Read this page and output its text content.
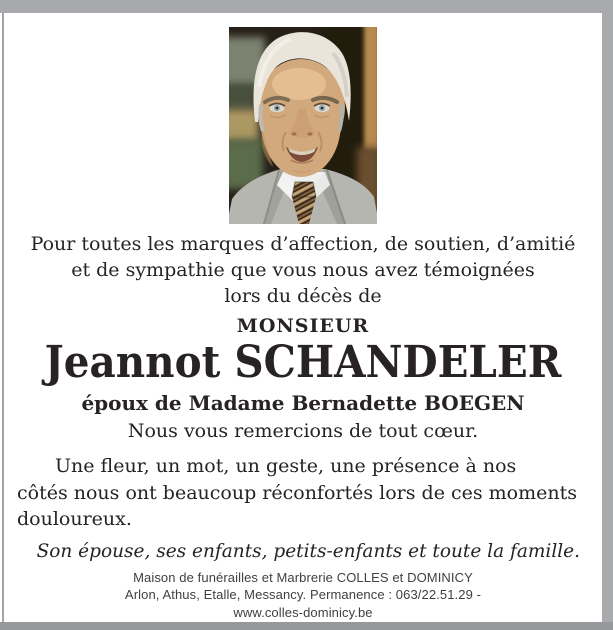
Pour toutes les marques d’affection, de soutien, d’amitié
et de sympathie que vous nous avez témoignées
lors du décès de
MONSIEUR
Jeannot SCHANDELER
époux de Madame Bernadette BOEGEN
Nous vous remercions de tout cœur.
Une fleur, un mot, un geste, une présence à nos
côtés nous ont beaucoup réconfortés lors de ces moments
douloureux.
Son épouse, ses enfants, petits-enfants et toute la famille.
Maison de funérailles et Marbrerie COLLES et DOMINICY
Arlon, Athus, Etalle, Messancy. Permanence : 063/22.51.29 -
www.colles-dominicy.be
